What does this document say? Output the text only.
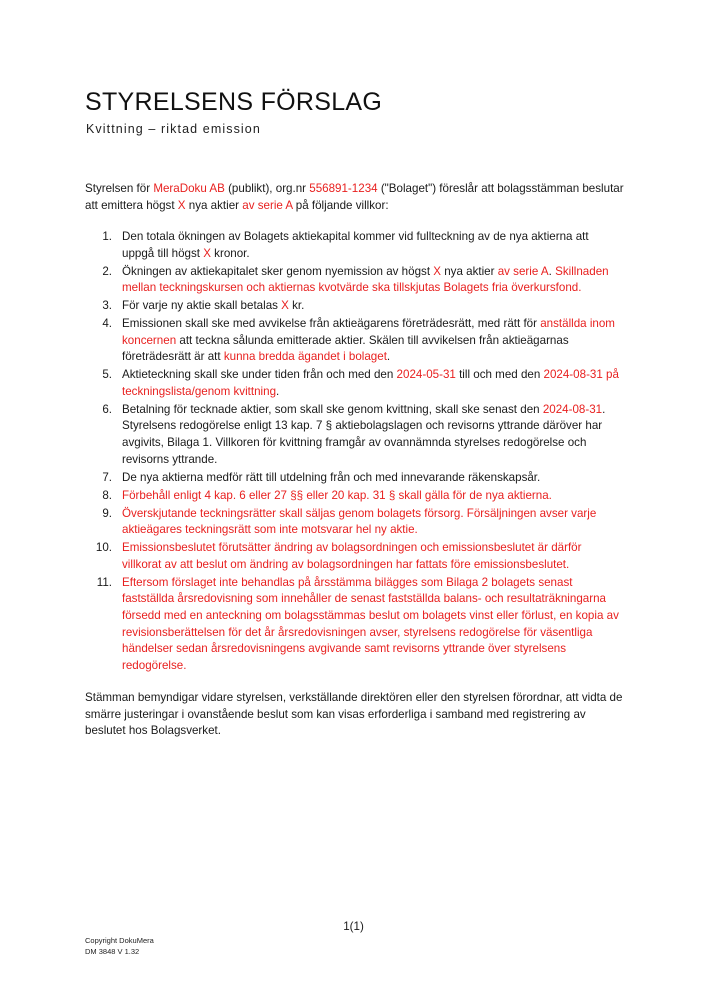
STYRELSENS FÖRSLAG

Kvittning – riktad emission

Styrelsen för MeraDoku AB (publikt), org.nr 556891-1234 ("Bolaget") föreslår att bolagsstämman beslutar att emittera högst X nya aktier av serie A på följande villkor:

1. Den totala ökningen av Bolagets aktiekapital kommer vid fullteckning av de nya aktierna att uppgå till högst X kronor.
2. Ökningen av aktiekapitalet sker genom nyemission av högst X nya aktier av serie A. Skillnaden mellan teckningskursen och aktiernas kvotvärde ska tillskjutas Bolagets fria överkursfond.
3. För varje ny aktie skall betalas X kr.
4. Emissionen skall ske med avvikelse från aktieägarens företrädesrätt, med rätt för anställda inom koncernen att teckna sålunda emitterade aktier. Skälen till avvikelsen från aktieägarnas företrädesrätt är att kunna bredda ägandet i bolaget.
5. Aktieteckning skall ske under tiden från och med den 2024-05-31 till och med den 2024-08-31 på teckningslista/genom kvittning.
6. Betalning för tecknade aktier, som skall ske genom kvittning, skall ske senast den 2024-08-31. Styrelsens redogörelse enligt 13 kap. 7 § aktiebolagslagen och revisorns yttrande däröver har avgivits, Bilaga 1. Villkoren för kvittning framgår av ovannämnda styrelses redogörelse och revisorns yttrande.
7. De nya aktierna medför rätt till utdelning från och med innevarande räkenskapsår.
8. Förbehåll enligt 4 kap. 6 eller 27 §§ eller 20 kap. 31 § skall gälla för de nya aktierna.
9. Överskjutande teckningsrätter skall säljas genom bolagets försorg. Försäljningen avser varje aktieägares teckningsrätt som inte motsvarar hel ny aktie.
10. Emissionsbeslutet förutsätter ändring av bolagsordningen och emissionsbeslutet är därför villkorat av att beslut om ändring av bolagsordningen har fattats före emissionsbeslutet.
11. Eftersom förslaget inte behandlas på årsstämma bilägges som Bilaga 2 bolagets senast fastställda årsredovisning som innehåller de senast fastställda balans- och resultaträkningarna försedd med en anteckning om bolagsstämmas beslut om bolagets vinst eller förlust, en kopia av revisionsberättelsen för det år årsredovisningen avser, styrelsens redogörelse för väsentliga händelser sedan årsredovisningens avgivande samt revisorns yttrande över styrelsens redogörelse.

Stämman bemyndigar vidare styrelsen, verkställande direktören eller den styrelsen förordnar, att vidta de smärre justeringar i ovanstående beslut som kan visas erforderliga i samband med registrering av beslutet hos Bolagsverket.

1(1)
Copyright DokuMera
DM 3848 V 1.32
